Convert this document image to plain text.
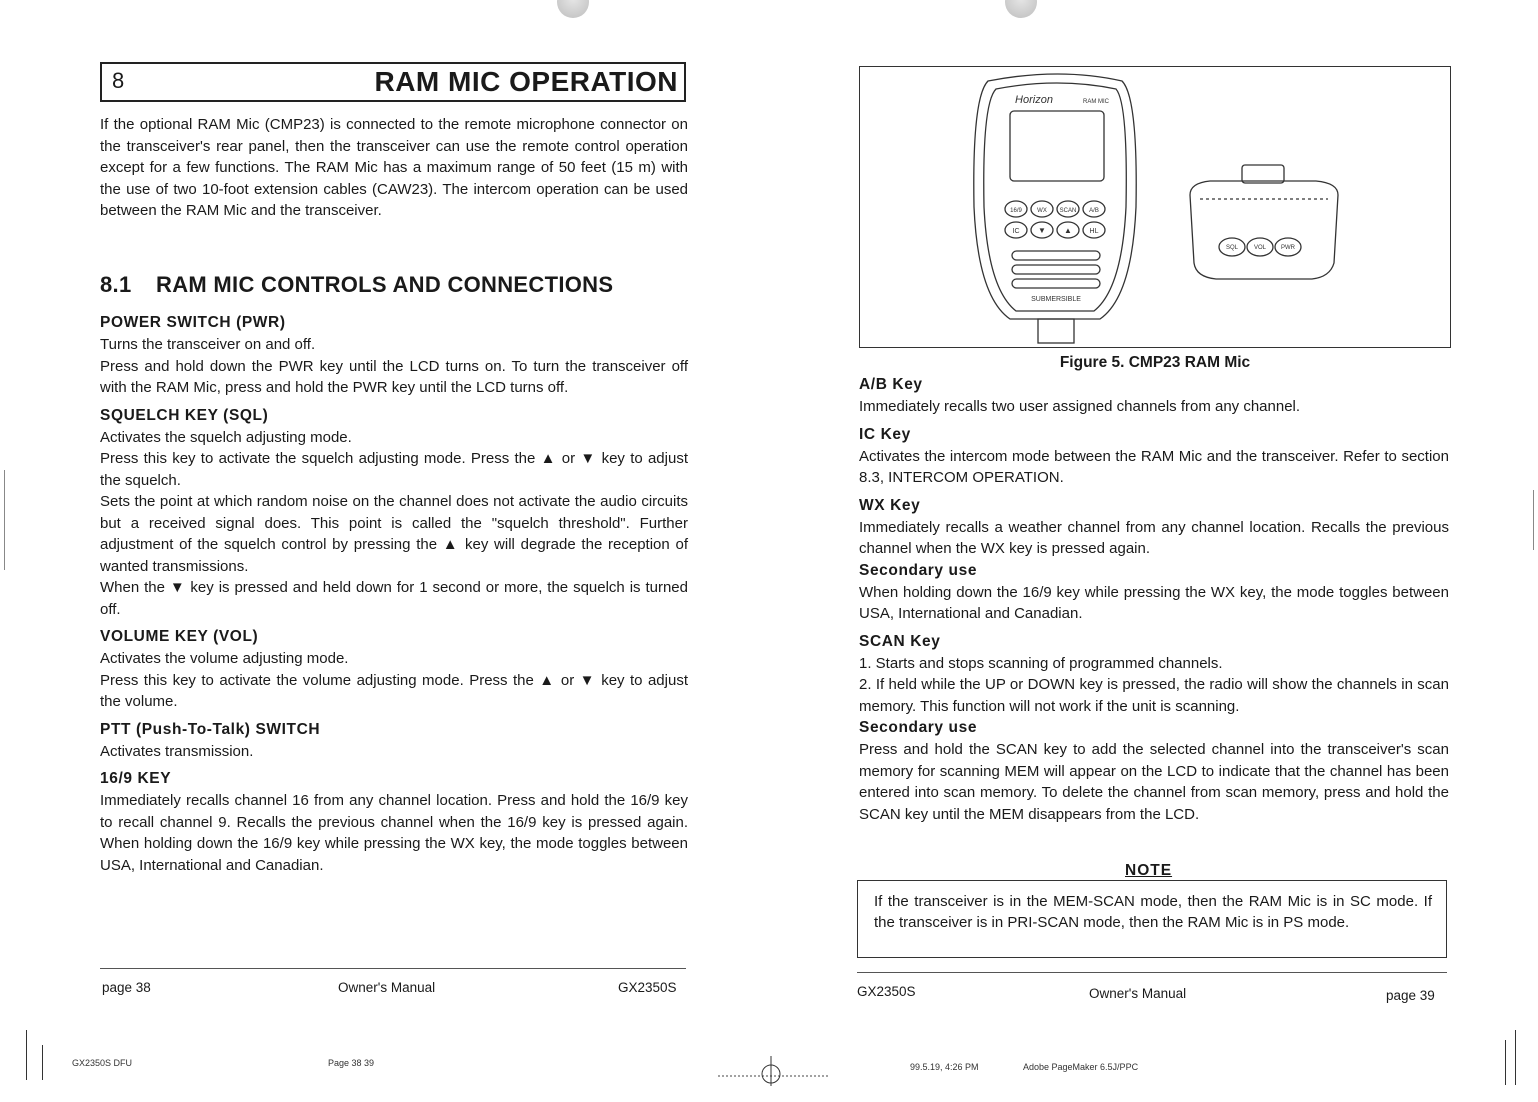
8	RAM MIC OPERATION

If the optional RAM Mic (CMP23) is connected to the remote microphone connector on the transceiver's rear panel, then the transceiver can use the remote control operation except for a few functions. The RAM Mic has a maximum range of 50 feet (15 m) with the use of two 10-foot extension cables (CAW23). The intercom operation can be used between the RAM Mic and the transceiver.

8.1 RAM MIC CONTROLS AND CONNECTIONS
POWER SWITCH (PWR)

Turns the transceiver on and off.

Press and hold down the PWR key until the LCD turns on. To turn the transceiver off with the RAM Mic, press and hold the PWR key until the LCD turns off.

SQUELCH KEY (SQL)

Activates the squelch adjusting mode.

Press this key to activate the squelch adjusting mode. Press the ▲ or ▼ key to adjust the squelch.

Sets the point at which random noise on the channel does not activate the audio circuits but a received signal does. This point is called the "squelch threshold". Further adjustment of the squelch control by pressing the ▲ key will degrade the reception of wanted transmissions.

When the ▼ key is pressed and held down for 1 second or more, the squelch is turned off.

VOLUME KEY (VOL)

Activates the volume adjusting mode.

Press this key to activate the volume adjusting mode. Press the ▲ or ▼ key to adjust the volume.

PTT (Push-To-Talk) SWITCH

Activates transmission.

16/9 KEY

Immediately recalls channel 16 from any channel location. Press and hold the 16/9 key to recall channel 9. Recalls the previous channel when the 16/9 key is pressed again. When holding down the 16/9 key while pressing the WX key, the mode toggles between USA, International and Canadian.

page 38	Owner's Manual	GX2350S
GX2350S DFU	Page 38 39
Horizon	RAM MIC
16/9	WX SCAN A/B
IC ▼ ▲	HL
SUBMERSIBLE
SQL	VOL PWR
Figure 5. CMP23 RAM Mic
A/B Key

Immediately recalls two user assigned channels from any channel.

IC Key

Activates the intercom mode between the RAM Mic and the transceiver. Refer to section 8.3, INTERCOM OPERATION.

WX Key

Immediately recalls a weather channel from any channel location. Recalls the previous channel when the WX key is pressed again.

Secondary use

When holding down the 16/9 key while pressing the WX key, the mode toggles between USA, International and Canadian.

SCAN Key

1. Starts and stops scanning of programmed channels.

2. If held while the UP or DOWN key is pressed, the radio will show the channels in scan memory. This function will not work if the unit is scanning.

Secondary use

Press and hold the SCAN key to add the selected channel into the transceiver's scan memory for scanning MEM will appear on the LCD to indicate that the channel has been entered into scan memory. To delete the channel from scan memory, press and hold the SCAN key until the MEM disappears from the LCD.

NOTE
If the transceiver is in the MEM-SCAN mode, then the RAM Mic is in SC mode. If the transceiver is in PRI-SCAN mode, then the RAM Mic is in PS mode.
GX2350S	Owner's Manual	page 39
99.5.19, 4:26 PM	Adobe PageMaker 6.5J/PPC
